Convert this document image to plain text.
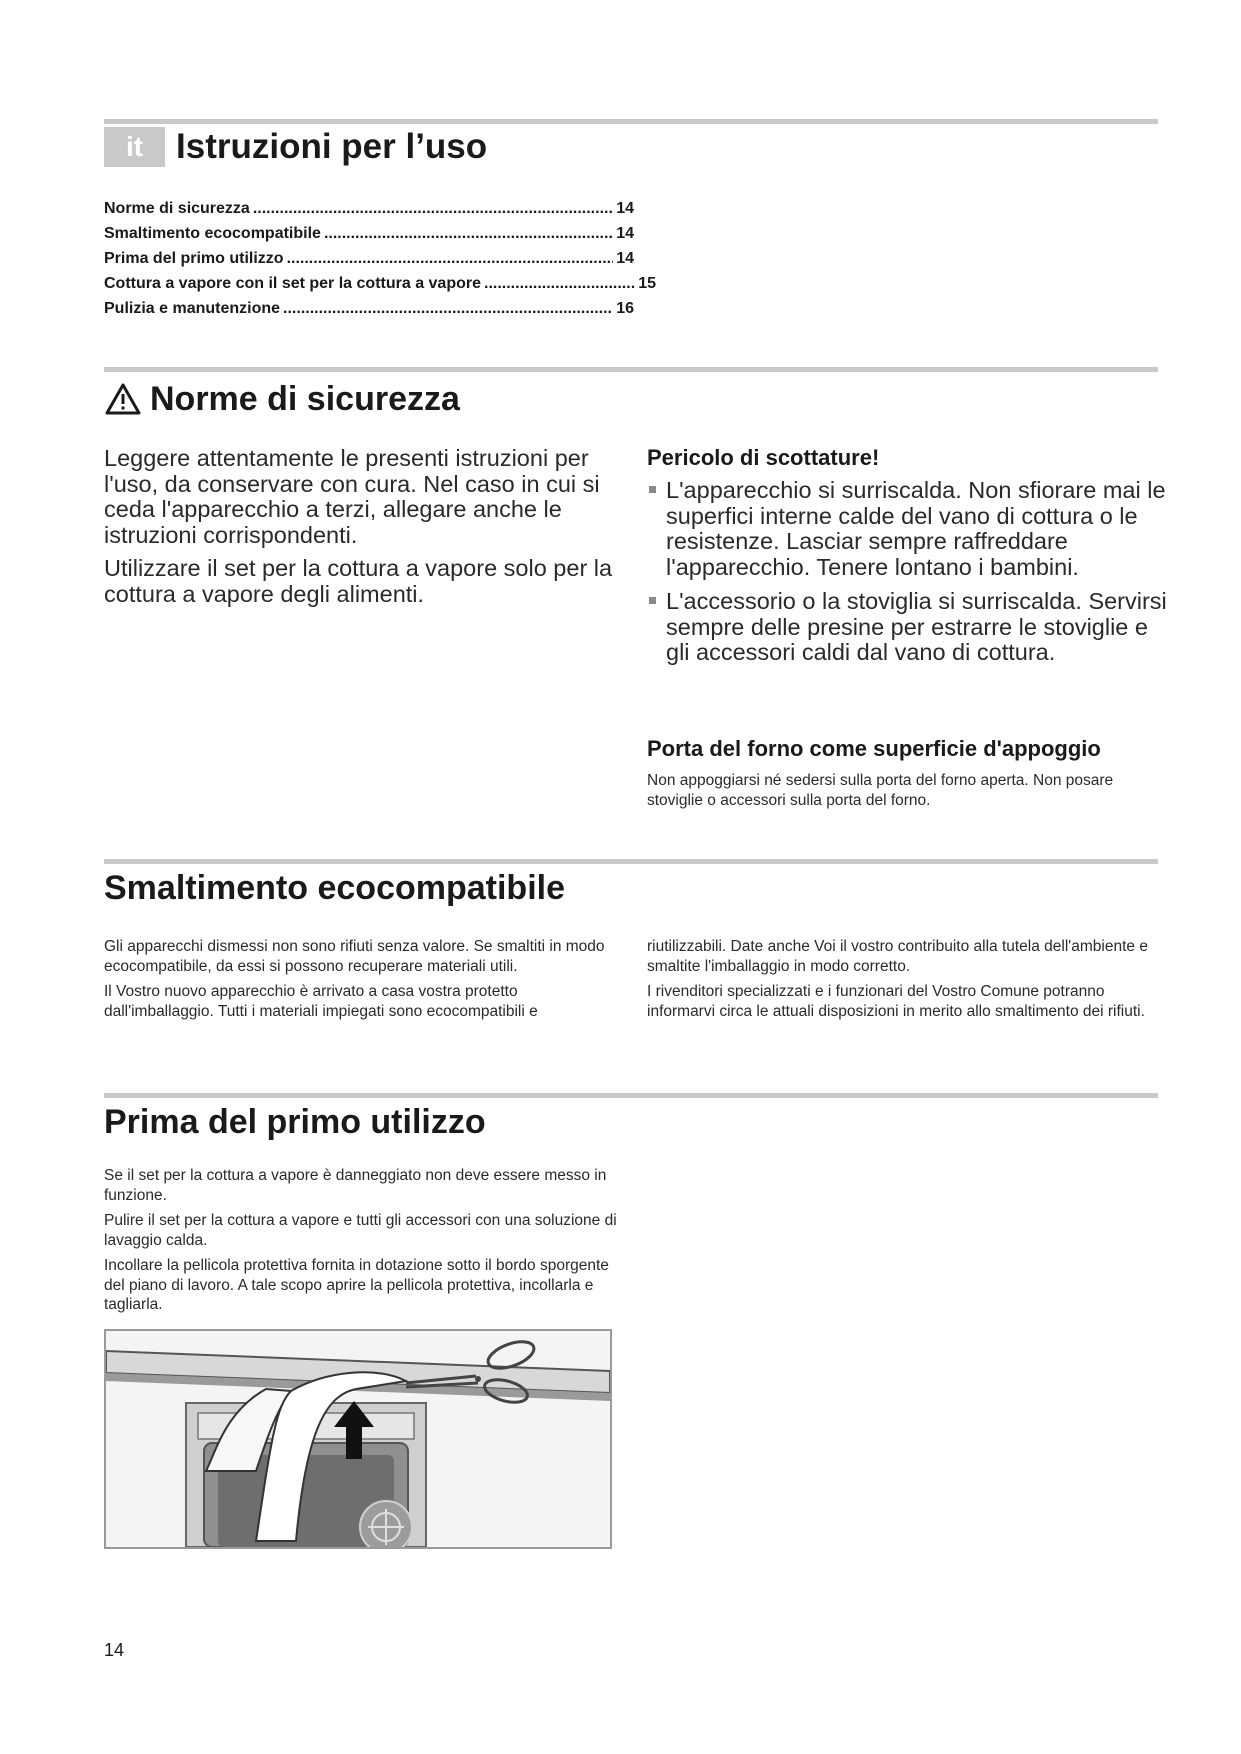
it Istruzioni per l’uso
Norme di sicurezza .....	14
Smaltimento ecocompatibile .....	14
Prima del primo utilizzo .....	14
Cottura a vapore con il set per la cottura a vapore .....	15
Pulizia e manutenzione .....	16
Norme di sicurezza

Leggere attentamente le presenti istruzioni per l'uso, da conservare con cura. Nel caso in cui si ceda l'apparecchio a terzi, allegare anche le istruzioni corrispondenti.

Utilizzare il set per la cottura a vapore solo per la cottura a vapore degli alimenti.

Pericolo di scottature!
L'apparecchio si surriscalda. Non sfiorare mai le superfici interne calde del vano di cottura o le resistenze. Lasciar sempre raffreddare l'apparecchio. Tenere lontano i bambini.
L'accessorio o la stoviglia si surriscalda. Servirsi sempre delle presine per estrarre le stoviglie e gli accessori caldi dal vano di cottura.
Porta del forno come superficie d'appoggio
Non appoggiarsi né sedersi sulla porta del forno aperta. Non posare stoviglie o accessori sulla porta del forno.
Smaltimento ecocompatibile

Gli apparecchi dismessi non sono rifiuti senza valore. Se smaltiti in modo ecocompatibile, da essi si possono recuperare materiali utili.

Il Vostro nuovo apparecchio è arrivato a casa vostra protetto dall'imballaggio. Tutti i materiali impiegati sono ecocompatibili e

riutilizzabili. Date anche Voi il vostro contribuito alla tutela dell'ambiente e smaltite l'imballaggio in modo corretto.

I rivenditori specializzati e i funzionari del Vostro Comune potranno informarvi circa le attuali disposizioni in merito allo smaltimento dei rifiuti.

Prima del primo utilizzo

Se il set per la cottura a vapore è danneggiato non deve essere messo in funzione.

Pulire il set per la cottura a vapore e tutti gli accessori con una soluzione di lavaggio calda.

Incollare la pellicola protettiva fornita in dotazione sotto il bordo sporgente del piano di lavoro. A tale scopo aprire la pellicola protettiva, incollarla e tagliarla.

14
